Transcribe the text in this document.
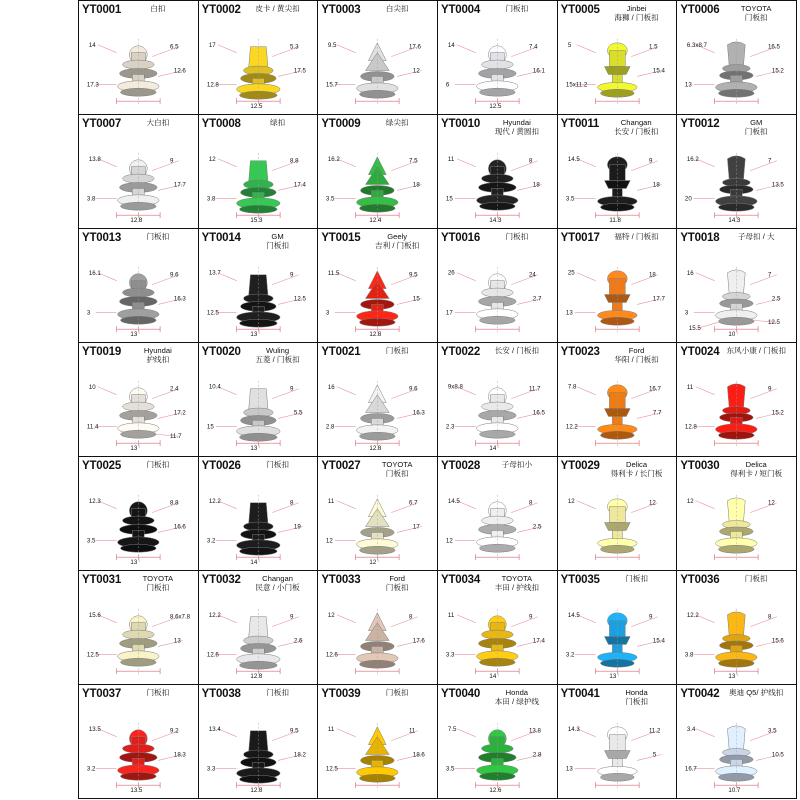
YT0001	白扣
14	6.5
12.6
17.3
YT0002	皮卡 / 黄尖扣
17	5.3
17.5
12.8
12.5
YT0003	白尖扣
9.5	17.6
12
15.7
YT0004	门板扣
14	7.4
16.1
6
12.5
YT0005	Jinbei
海狮 / 门板扣
5	1.5
15.4
15x11.2
YT0006	TOYOTA
门板扣
6.3x8.7	16.5
15.2
13
YT0007	大白扣
13.8	9
17.7
3.8
12.8
YT0008	绿扣
12	8.8
17.4
3.8
15.3
YT0009	绿尖扣
16.2	7.5
18
3.5
12.4
YT0010	Hyundai
现代 / 黄圆扣
11	8
18
15
14.3
YT0011	Changan
长安 / 门板扣
14.5	9
18
3.5
11.8
YT0012	GM
门板扣
16.2	7
13.5
20
14.3
YT0013	门板扣
16.1	9.6
16.3
3
13
YT0014	GM
门板扣
13.7	9
12.5
12.5
13
YT0015	Geely
吉利 / 门板扣
11.5	9.5
15
3
12.8
YT0016	门板扣
26	24
2.7
17
YT0017	福特 / 门板扣
25	18
17.7
13
YT0018	子母扣 / 大
16	7
2.5
3
10
12.5
15.5
YT0019	Hyundai
护线扣
10	2.4
17.2
11.4
13
11.7
YT0020	Wuling
五菱 / 门板扣
10.4	9
5.5
15
13
YT0021	门板扣
16	9.6
16.3
2.8
12.8
YT0022	长安 / 门板扣
9x8.8	11.7
16.5
2.3
14
YT0023	Ford
华阳 / 门板扣
7.8	16.7
7.7
12.2
YT0024 东风小康 / 门板扣
11	9
15.2
12.8
YT0025	门板扣
12.3	8.8
16.6
3.5
13
YT0026	门板扣
12.2	8
19
3.2
14
YT0027	TOYOTA
门板扣
11	6.7
17
12
12
YT0028	子母扣小
14.5	8
2.5
12
YT0029	Delica
得利卡 / 长门板
12	12
YT0030	Delica
得利卡 / 短门板
12	12
YT0031	TOYOTA
门板扣
15.6	8.6x7.8
13
12.5
YT0032	Changan
民意 / 小门板
12.2	9
2.6
12.6
12.8
YT0033	Ford
门板扣
12	8
17.6
12.6
YT0034	TOYOTA
丰田 / 护线扣
11	9
17.4
3.3
14
YT0035	门板扣
14.5	9
15.4
3.2
13
YT0036	门板扣
12.2	8
15.6
3.8
13
YT0037	门板扣
13.5	9.2
18.3
3.2
13.5
YT0038	门板扣
13.4	9.5
18.2
3.3
12.8
YT0039	门板扣
11	11
18.6
12.5
YT0040	Honda
本田 / 绿护线
7.5	13.8
2.8
3.5
12.6
YT0041	Honda
门板扣
14.3	11.2
5
13
YT0042	奥迪 Q5/ 护线扣
3.4	3.5
10.5
16.7
10.7
